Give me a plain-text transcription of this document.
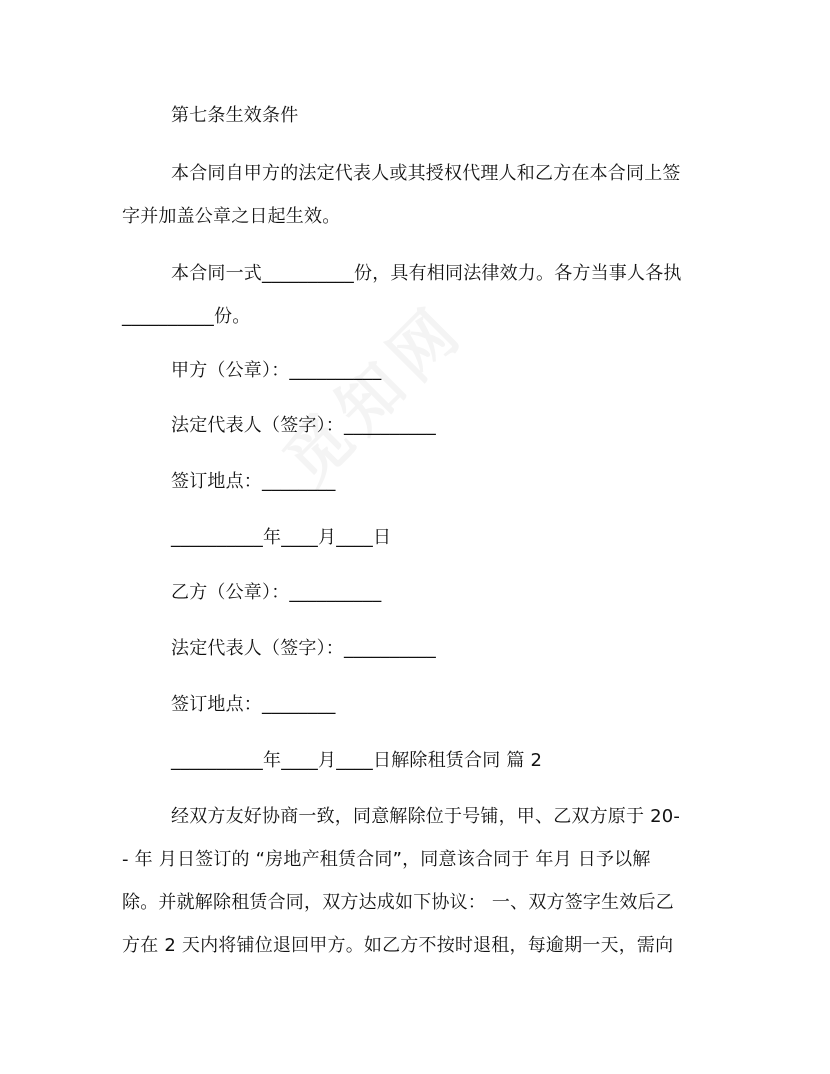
第七条生效条件
本合同自甲方的法定代表人或其授权代理人和乙方在本合同上签
字并加盖公章之日起生效。
本合同一式__________份，具有相同法律效力。各方当事人各执
__________份。
甲方（公章）：__________
法定代表人（签字）：__________
签订地点：________
__________年____月____日
乙方（公章）：__________
法定代表人（签字）：__________
签订地点：________
__________年____月____日解除租赁合同 篇 2
经双方友好协商一致，同意解除位于号铺，甲、乙双方原于 20-
- 年 月日签订的 “房地产租赁合同”，同意该合同于 年月 日予以解
除。并就解除租赁合同，双方达成如下协议： 一、双方签字生效后乙
方在 2 天内将铺位退回甲方。如乙方不按时退租，每逾期一天，需向
